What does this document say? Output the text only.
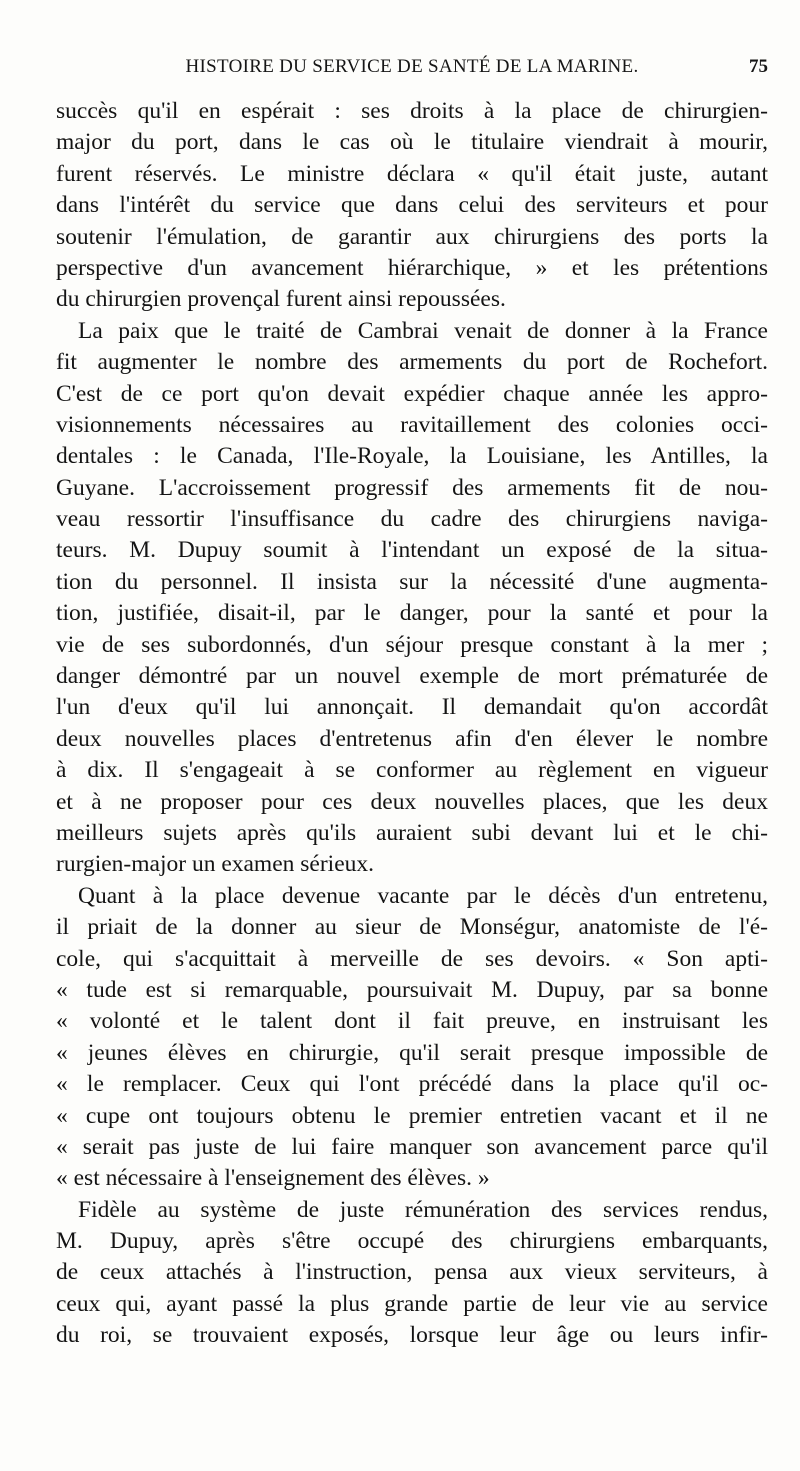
HISTOIRE DU SERVICE DE SANTÉ DE LA MARINE.	75
succès qu'il en espérait : ses droits à la place de chirurgien-
major du port, dans le cas où le titulaire viendrait à mourir,
furent réservés. Le ministre déclara « qu'il était juste, autant
dans l'intérêt du service que dans celui des serviteurs et pour
soutenir l'émulation, de garantir aux chirurgiens des ports la
perspective d'un avancement hiérarchique, » et les prétentions
du chirurgien provençal furent ainsi repoussées.
La paix que le traité de Cambrai venait de donner à la France
fit augmenter le nombre des armements du port de Rochefort.
C'est de ce port qu'on devait expédier chaque année les appro-
visionnements nécessaires au ravitaillement des colonies occi-
dentales : le Canada, l'Ile-Royale, la Louisiane, les Antilles, la
Guyane. L'accroissement progressif des armements fit de nou-
veau ressortir l'insuffisance du cadre des chirurgiens naviga-
teurs. M. Dupuy soumit à l'intendant un exposé de la situa-
tion du personnel. Il insista sur la nécessité d'une augmenta-
tion, justifiée, disait-il, par le danger, pour la santé et pour la
vie de ses subordonnés, d'un séjour presque constant à la mer ;
danger démontré par un nouvel exemple de mort prématurée de
l'un d'eux qu'il lui annonçait. Il demandait qu'on accordât
deux nouvelles places d'entretenus afin d'en élever le nombre
à dix. Il s'engageait à se conformer au règlement en vigueur
et à ne proposer pour ces deux nouvelles places, que les deux
meilleurs sujets après qu'ils auraient subi devant lui et le chi-
rurgien-major un examen sérieux.
Quant à la place devenue vacante par le décès d'un entretenu,
il priait de la donner au sieur de Monségur, anatomiste de l'é-
cole, qui s'acquittait à merveille de ses devoirs. « Son apti-
« tude est si remarquable, poursuivait M. Dupuy, par sa bonne
« volonté et le talent dont il fait preuve, en instruisant les
« jeunes élèves en chirurgie, qu'il serait presque impossible de
« le remplacer. Ceux qui l'ont précédé dans la place qu'il oc-
« cupe ont toujours obtenu le premier entretien vacant et il ne
« serait pas juste de lui faire manquer son avancement parce qu'il
« est nécessaire à l'enseignement des élèves. »
Fidèle au système de juste rémunération des services rendus,
M. Dupuy, après s'être occupé des chirurgiens embarquants,
de ceux attachés à l'instruction, pensa aux vieux serviteurs, à
ceux qui, ayant passé la plus grande partie de leur vie au service
du roi, se trouvaient exposés, lorsque leur âge ou leurs infir-
